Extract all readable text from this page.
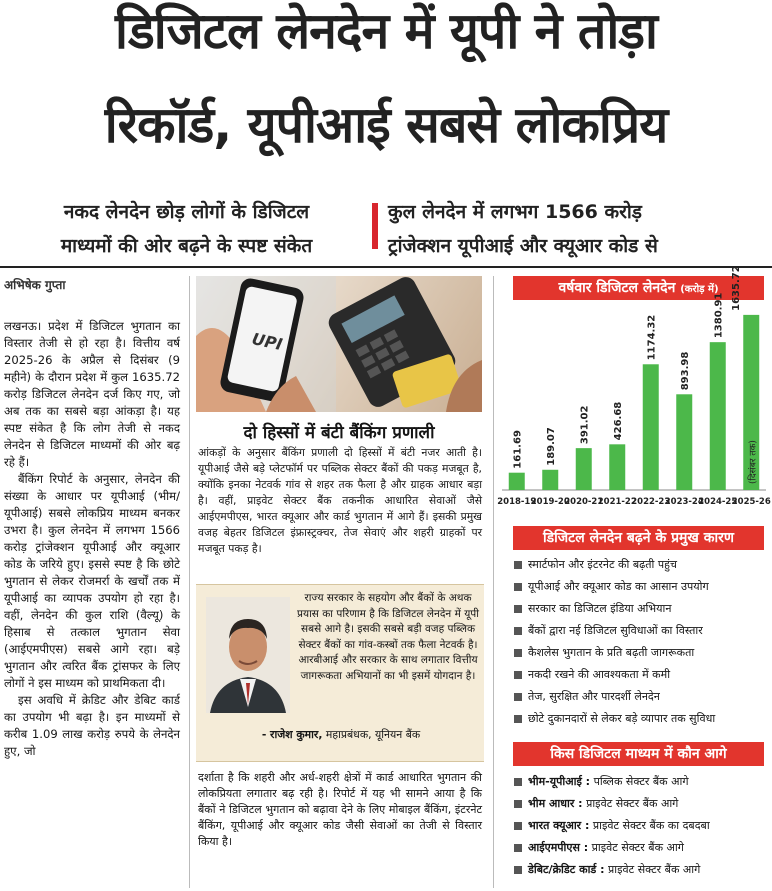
डिजिटल लेनदेन में यूपी ने तोड़ा
रिकॉर्ड, यूपीआई सबसे लोकप्रिय
नकद लेनदेन छोड़ लोगों के डिजिटल
माध्यमों की ओर बढ़ने के स्पष्ट संकेत
कुल लेनदेन में लगभग 1566 करोड़
ट्रांजेक्शन यूपीआई और क्यूआर कोड से
अभिषेक गुप्ता

लखनऊ। प्रदेश में डिजिटल भुगतान का विस्तार तेजी से हो रहा है। वित्तीय वर्ष 2025-26 के अप्रैल से दिसंबर (9 महीने) के दौरान प्रदेश में कुल 1635.72 करोड़ डिजिटल लेनदेन दर्ज किए गए, जो अब तक का सबसे बड़ा आंकड़ा है। यह स्पष्ट संकेत है कि लोग तेजी से नकद लेनदेन से डिजिटल माध्यमों की ओर बढ़ रहे हैं।

बैंकिंग रिपोर्ट के अनुसार, लेनदेन की संख्या के आधार पर यूपीआई (भीम/यूपीआई) सबसे लोकप्रिय माध्यम बनकर उभरा है। कुल लेनदेन में लगभग 1566 करोड़ ट्रांजेक्शन यूपीआई और क्यूआर कोड के जरिये हुए। इससे स्पष्ट है कि छोटे भुगतान से लेकर रोजमर्रा के खर्चों तक में यूपीआई का व्यापक उपयोग हो रहा है। वहीं, लेनदेन की कुल राशि (वैल्यू) के हिसाब से तत्काल भुगतान सेवा (आईएमपीएस) सबसे आगे रहा। बड़े भुगतान और त्वरित बैंक ट्रांसफर के लिए लोगों ने इस माध्यम को प्राथमिकता दी।

इस अवधि में क्रेडिट और डेबिट कार्ड का उपयोग भी बढ़ा है। इन माध्यमों से करीब 1.09 लाख करोड़ रुपये के लेनदेन हुए, जो

UPI
दो हिस्सों में बंटी बैंकिंग प्रणाली
आंकड़ों के अनुसार बैंकिंग प्रणाली दो हिस्सों में बंटी नजर आती है। यूपीआई जैसे बड़े प्लेटफॉर्म पर पब्लिक सेक्टर बैंकों की पकड़ मजबूत है, क्योंकि इनका नेटवर्क गांव से शहर तक फैला है और ग्राहक आधार बड़ा है। वहीं, प्राइवेट सेक्टर बैंक तकनीक आधारित सेवाओं जैसे आईएमपीएस, भारत क्यूआर और कार्ड भुगतान में आगे हैं। इसकी प्रमुख वजह बेहतर डिजिटल इंफ्रास्ट्रक्चर, तेज सेवाएं और शहरी ग्राहकों पर मजबूत पकड़ है।
राज्य सरकार के सहयोग और बैंकों के अथक प्रयास का परिणाम है कि डिजिटल लेनदेन में यूपी सबसे आगे है। इसकी सबसे बड़ी वजह पब्लिक सेक्टर बैंकों का गांव-कस्बों तक फैला नेटवर्क है। आरबीआई और सरकार के साथ लगातार वित्तीय जागरूकता अभियानों का भी इसमें योगदान है।
- राजेश कुमार, महाप्रबंधक, यूनियन बैंक
दर्शाता है कि शहरी और अर्ध-शहरी क्षेत्रों में कार्ड आधारित भुगतान की लोकप्रियता लगातार बढ़ रही है। रिपोर्ट में यह भी सामने आया है कि बैंकों ने डिजिटल भुगतान को बढ़ावा देने के लिए मोबाइल बैंकिंग, इंटरनेट बैंकिंग, यूपीआई और क्यूआर कोड जैसी सेवाओं का तेजी से विस्तार किया है।
वर्षवार डिजिटल लेनदेन (करोड़ में)
161.69
2018-19
189.07
2019-20
391.02
2020-21
426.68
2021-22
1174.32
2022-23
893.98
2023-24
1380.91
2024-25
1635.72
2025-26
(दिसंबर तक)
डिजिटल लेनदेन बढ़ने के प्रमुख कारण
स्मार्टफोन और इंटरनेट की बढ़ती पहुंच
यूपीआई और क्यूआर कोड का आसान उपयोग
सरकार का डिजिटल इंडिया अभियान
बैंकों द्वारा नई डिजिटल सुविधाओं का विस्तार
कैशलेस भुगतान के प्रति बढ़ती जागरूकता
नकदी रखने की आवश्यकता में कमी
तेज, सुरक्षित और पारदर्शी लेनदेन
छोटे दुकानदारों से लेकर बड़े व्यापार तक सुविधा
किस डिजिटल माध्यम में कौन आगे
भीम-यूपीआई : पब्लिक सेक्टर बैंक आगे
भीम आधार : प्राइवेट सेक्टर बैंक आगे
भारत क्यूआर : प्राइवेट सेक्टर बैंक का दबदबा
आईएमपीएस : प्राइवेट सेक्टर बैंक आगे
डेबिट/क्रेडिट कार्ड : प्राइवेट सेक्टर बैंक आगे
